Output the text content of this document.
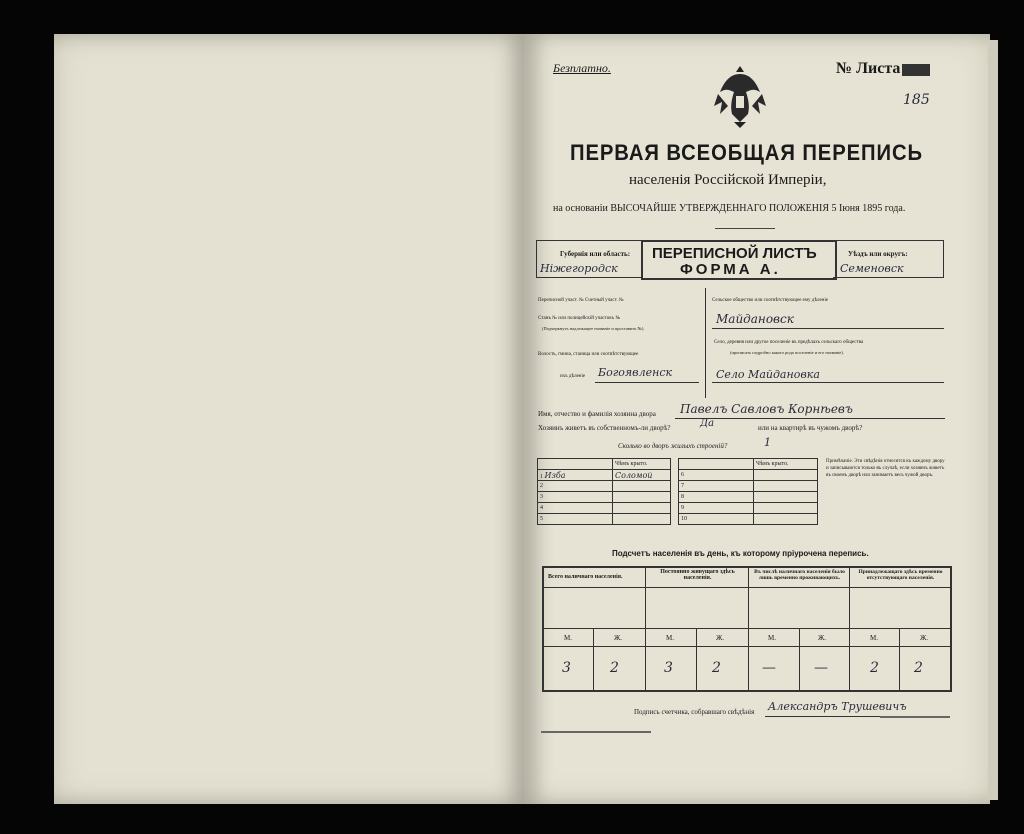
Безплатно.	№ Листа
185
ПЕРВАЯ ВСЕОБЩАЯ ПЕРЕПИСЬ
населенія Россійской Имперіи,
на основаніи ВЫСОЧАЙШЕ УТВЕРЖДЕННАГО ПОЛОЖЕНІЯ 5 Іюня 1895 года.
ПЕРЕПИСНОЙ ЛИСТЪ
ФОРМА А.
Губернія или область:
Ніжегородск
Уѣздъ или округъ:
Семеновск
Переписной участ. № Счетный участ. №
Станъ № или полицейскій участокъ №
(Подчеркнуть надлежащее названіе и проставить №).
Волость, гмина, станица или соотвѣтствующее
ихъ дѣленіе Богоявленск
Сельское общество или соотвѣтствующее ему дѣленіе
Майдановск
Село, деревня или другое поселеніе въ предѣлахъ сельскаго общества
(прописать подробно какого рода поселеніе и его названіе).
Село Майдановка
Имя, отчество и фамилія хозяина двора Павелъ Савловъ Корнѣевъ
Хозяинъ живетъ въ собственномъ-ли дворѣ?	Да	или на квартирѣ въ чужомъ дворѣ?
Сколько во дворъ жилыхъ строеній?	1
	Чѣмъ крыто.
1 Изба	Соломой
2	
3	
4	
5	
	Чѣмъ крыто.
6	
7	
8	
9	
10	
Примѣчаніе. Эти свѣдѣнія относятся къ каждому двору и записываются только въ случаѣ, если хозяинъ живетъ въ своемъ дворѣ или занимаетъ весь чужой дворъ.
Подсчетъ населенія въ день, къ которому пріурочена перепись.
Всего наличнаго населенія.
Постоянно живущаго здѣсь населенія.
Въ числѣ наличнаго населенія было лишь временно проживающихъ.
Принадлежащаго здѣсь временно отсутствующаго населенія.
М.	Ж.	М.	Ж.	М.	Ж.	М.	Ж.
3	2	3	2	—	—	2	2
Подпись счетчика, собравшаго свѣдѣнія Александръ Трушевичъ
